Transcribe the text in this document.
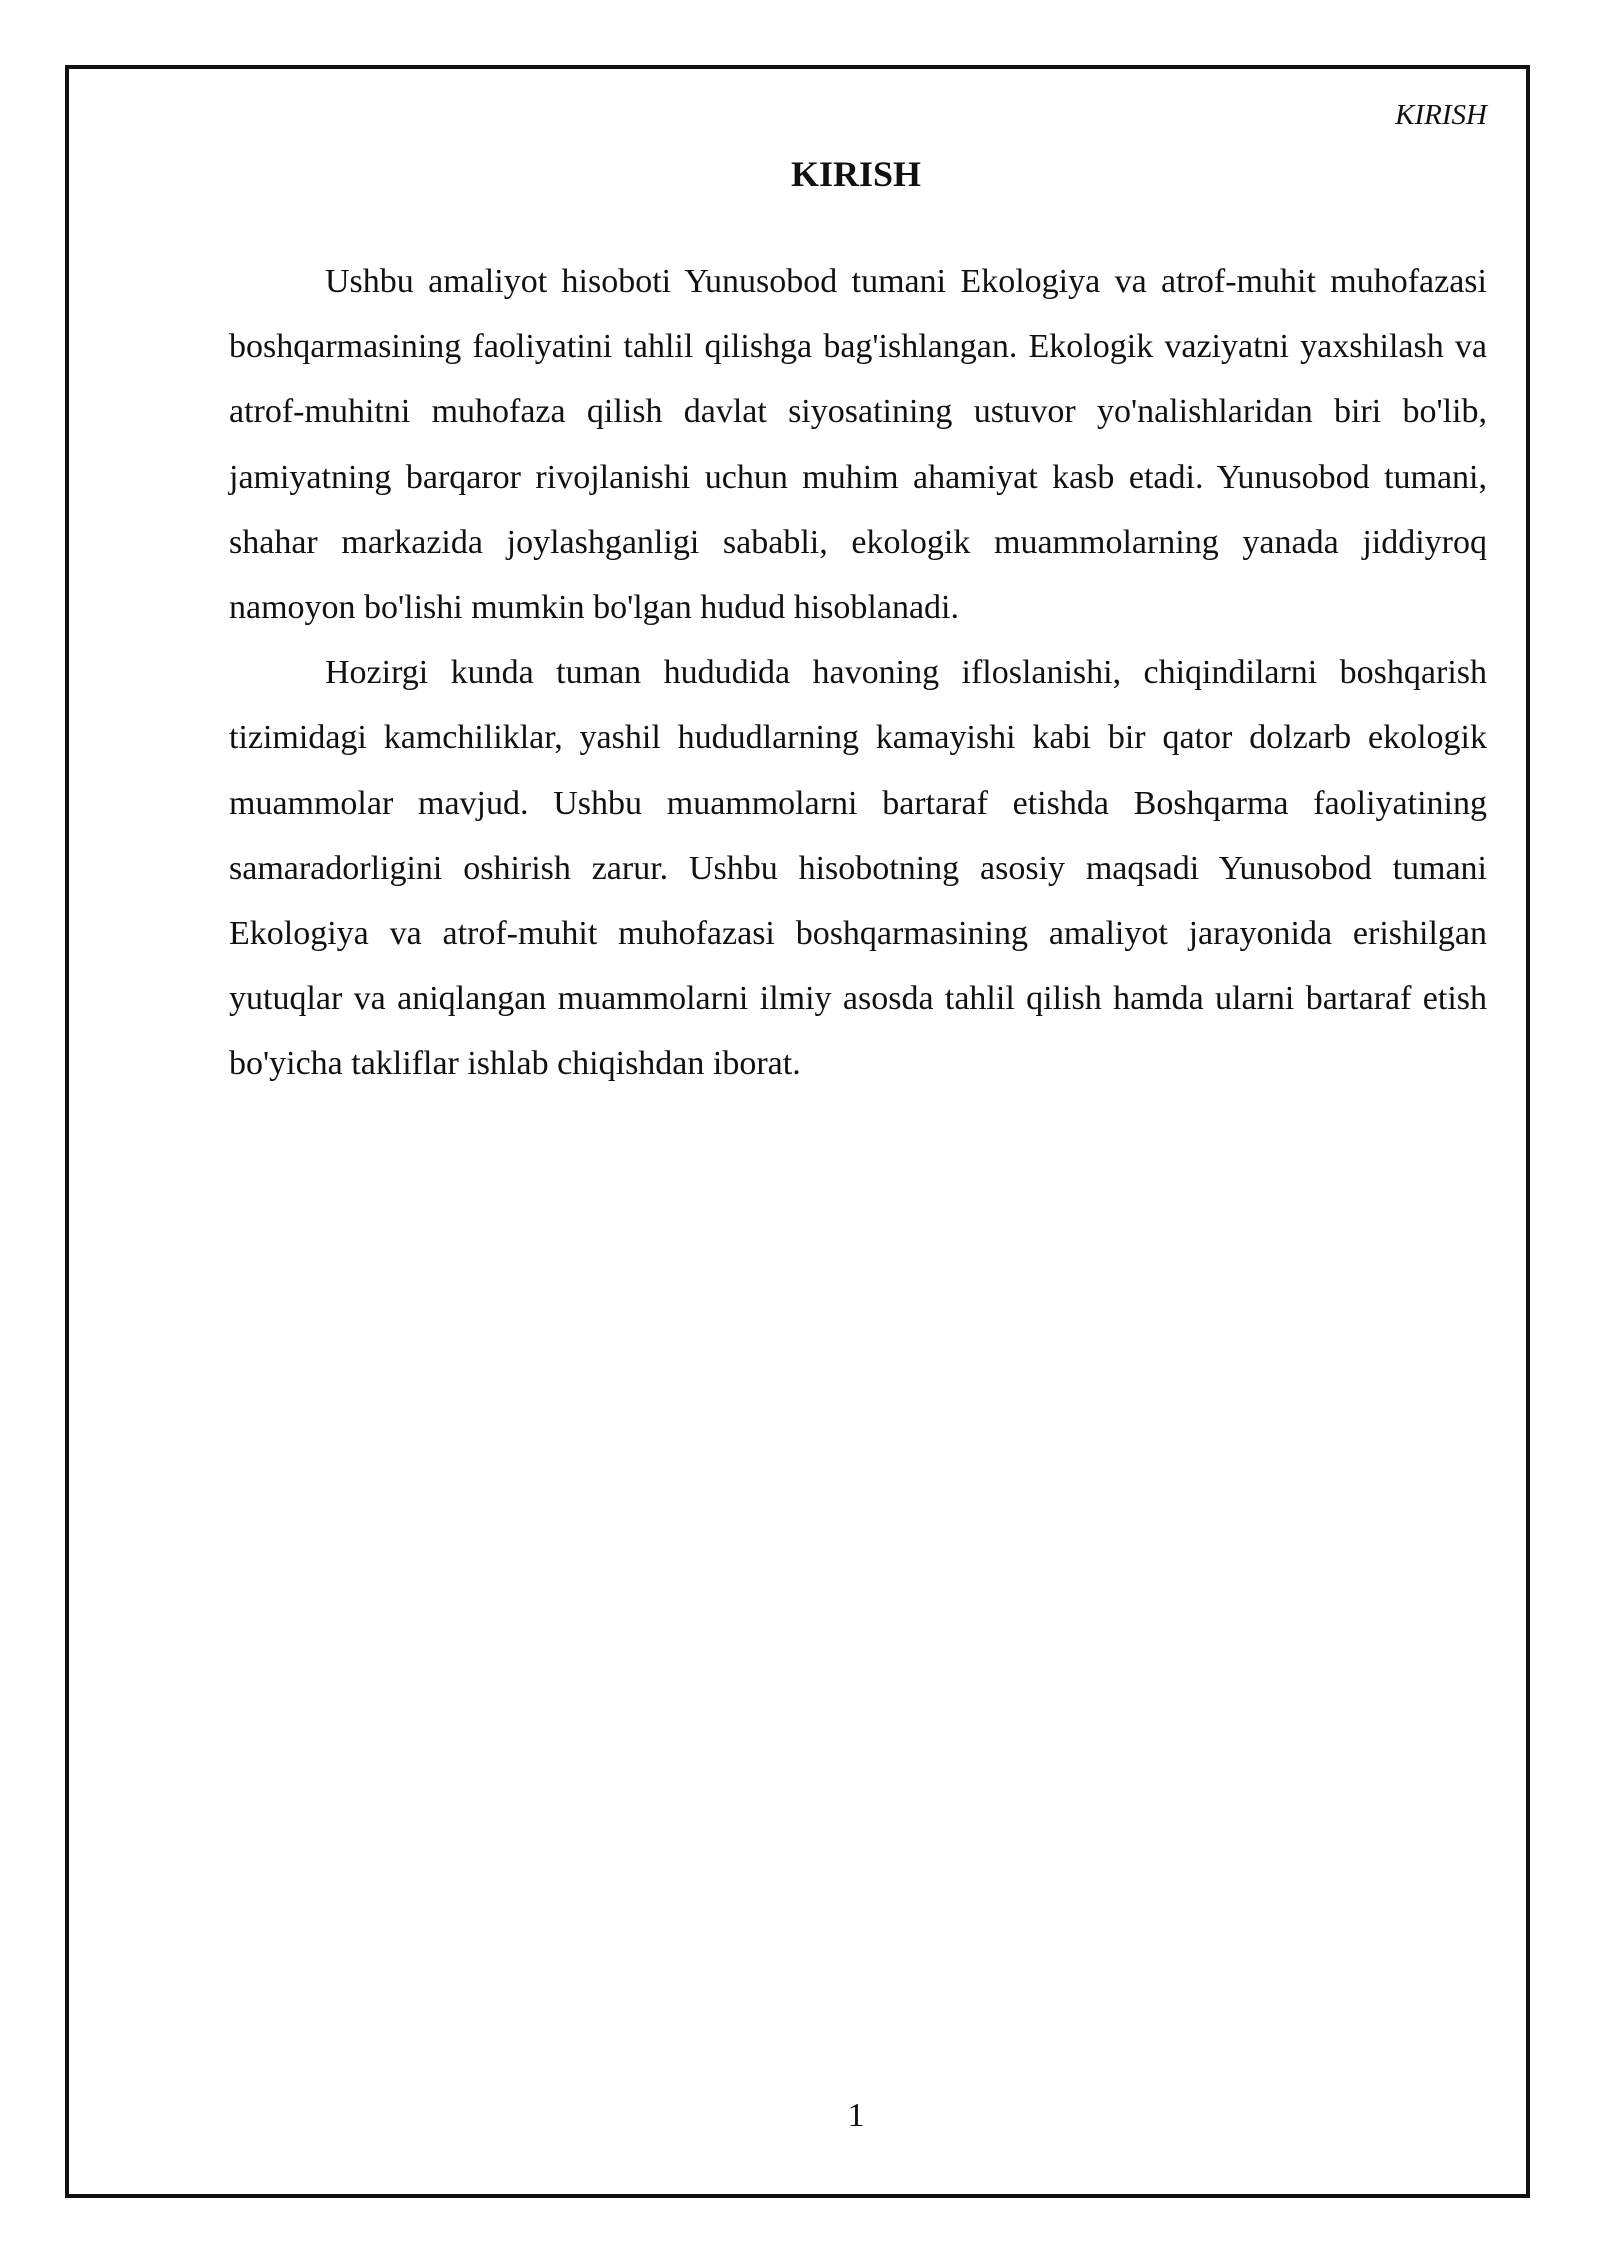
KIRISH
KIRISH

Ushbu amaliyot hisoboti Yunusobod tumani Ekologiya va atrof-muhit muhofazasi boshqarmasining faoliyatini tahlil qilishga bag'ishlangan. Ekologik vaziyatni yaxshilash va atrof-muhitni muhofaza qilish davlat siyosatining ustuvor yo'nalishlaridan biri bo'lib, jamiyatning barqaror rivojlanishi uchun muhim ahamiyat kasb etadi. Yunusobod tumani, shahar markazida joylashganligi sababli, ekologik muammolarning yanada jiddiyroq namoyon bo'lishi mumkin bo'lgan hudud hisoblanadi.

Hozirgi kunda tuman hududida havoning ifloslanishi, chiqindilarni boshqarish tizimidagi kamchiliklar, yashil hududlarning kamayishi kabi bir qator dolzarb ekologik muammolar mavjud. Ushbu muammolarni bartaraf etishda Boshqarma faoliyatining samaradorligini oshirish zarur. Ushbu hisobotning asosiy maqsadi Yunusobod tumani Ekologiya va atrof-muhit muhofazasi boshqarmasining amaliyot jarayonida erishilgan yutuqlar va aniqlangan muammolarni ilmiy asosda tahlil qilish hamda ularni bartaraf etish bo'yicha takliflar ishlab chiqishdan iborat.

1
